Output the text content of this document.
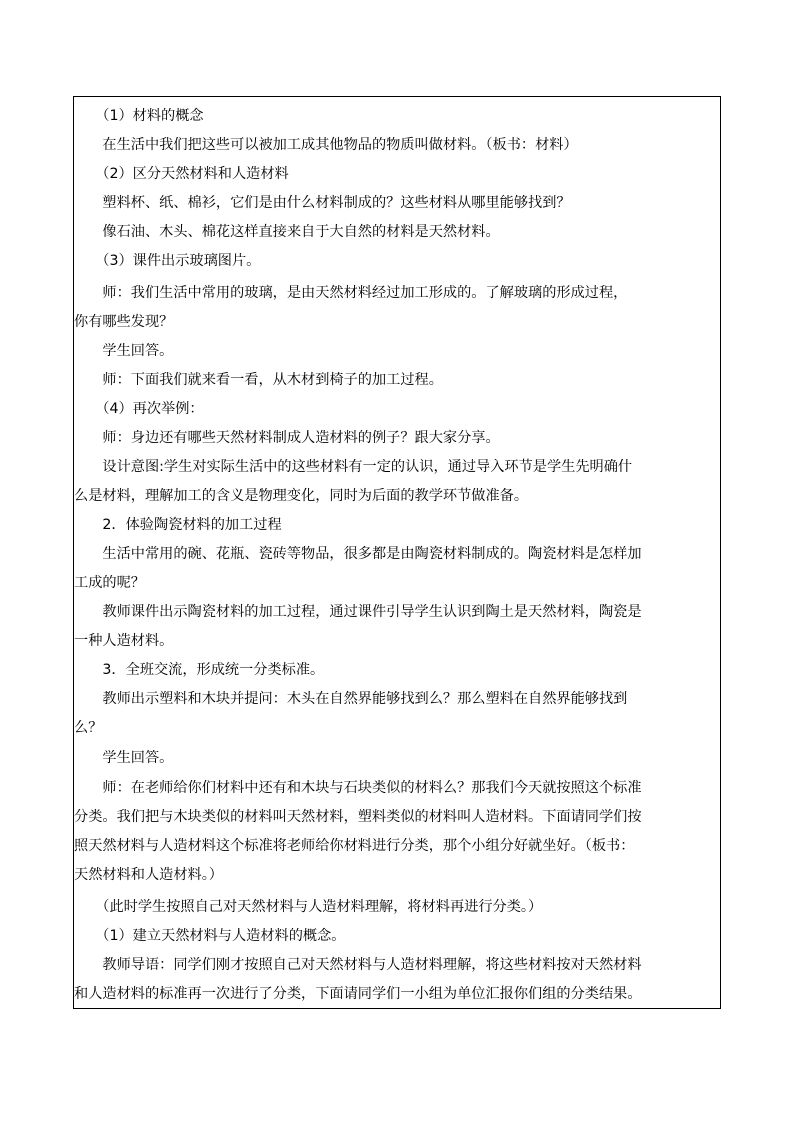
　　（1）材料的概念
　　在生活中我们把这些可以被加工成其他物品的物质叫做材料。（板书：材料）
　　（2）区分天然材料和人造材料
　　塑料杯、纸、棉衫，它们是由什么材料制成的？这些材料从哪里能够找到？
　　像石油、木头、棉花这样直接来自于大自然的材料是天然材料。
　　（3）课件出示玻璃图片。
　　师：我们生活中常用的玻璃，是由天然材料经过加工形成的。了解玻璃的形成过程，
你有哪些发现？
　　学生回答。
　　师：下面我们就来看一看，从木材到椅子的加工过程。
　　（4）再次举例：
　　师：身边还有哪些天然材料制成人造材料的例子？跟大家分享。
　　设计意图:学生对实际生活中的这些材料有一定的认识，通过导入环节是学生先明确什
么是材料，理解加工的含义是物理变化，同时为后面的教学环节做准备。
　　2．体验陶瓷材料的加工过程
　　生活中常用的碗、花瓶、瓷砖等物品，很多都是由陶瓷材料制成的。陶瓷材料是怎样加
工成的呢？
　　教师课件出示陶瓷材料的加工过程，通过课件引导学生认识到陶土是天然材料，陶瓷是
一种人造材料。
　　3．全班交流，形成统一分类标准。
　　教师出示塑料和木块并提问：木头在自然界能够找到么？那么塑料在自然界能够找到
么？
　　学生回答。
　　师：在老师给你们材料中还有和木块与石块类似的材料么？那我们今天就按照这个标准
分类。我们把与木块类似的材料叫天然材料，塑料类似的材料叫人造材料。下面请同学们按
照天然材料与人造材料这个标准将老师给你材料进行分类，那个小组分好就坐好。（板书：
天然材料和人造材料。）
　　（此时学生按照自己对天然材料与人造材料理解，将材料再进行分类。）
　　（1）建立天然材料与人造材料的概念。
　　教师导语：同学们刚才按照自己对天然材料与人造材料理解，将这些材料按对天然材料
和人造材料的标准再一次进行了分类，下面请同学们一小组为单位汇报你们组的分类结果。
